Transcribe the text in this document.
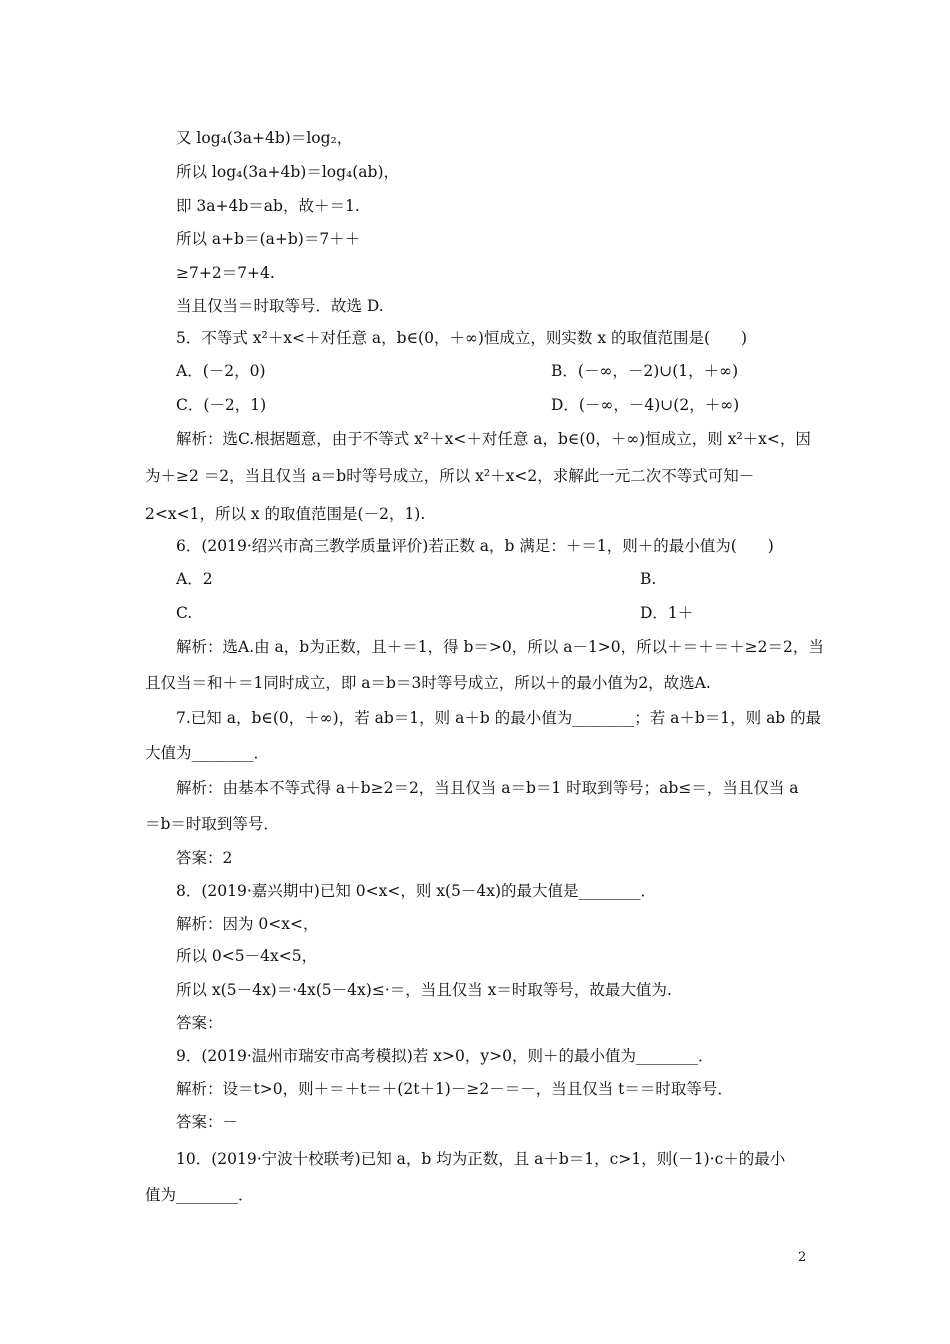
又 log₄(3a+4b)＝log₂，
所以 log₄(3a+4b)＝log₄(ab)，
即 3a+4b＝ab，故＋＝1.
所以 a+b＝(a+b)＝7＋＋
≥7+2＝7+4.
当且仅当＝时取等号．故选 D.
5．不等式 x²＋x<＋对任意 a，b∈(0，＋∞)恒成立，则实数 x 的取值范围是(　　)
A．(－2，0)	B．(－∞，－2)∪(1，＋∞)
C．(－2，1)	D．(－∞，－4)∪(2，＋∞)
解析：选C.根据题意，由于不等式 x²＋x<＋对任意 a，b∈(0，＋∞)恒成立，则 x²＋x<，因
为＋≥2 ＝2，当且仅当 a＝b时等号成立，所以 x²＋x<2，求解此一元二次不等式可知－
2<x<1，所以 x 的取值范围是(－2，1).
6．(2019·绍兴市高三教学质量评价)若正数 a，b 满足：＋＝1，则＋的最小值为(　　)
A．2	B.
C.	D．1＋
解析：选A.由 a，b为正数，且＋＝1，得 b＝>0，所以 a－1>0，所以＋＝＋＝＋≥2＝2，当
且仅当＝和＋＝1同时成立，即 a＝b＝3时等号成立，所以＋的最小值为2，故选A.
7.已知 a，b∈(0，＋∞)，若 ab＝1，则 a＋b 的最小值为________；若 a＋b＝1，则 ab 的最
大值为________．
解析：由基本不等式得 a＋b≥2＝2，当且仅当 a＝b＝1 时取到等号；ab≤＝，当且仅当 a
＝b＝时取到等号．
答案：2
8．(2019·嘉兴期中)已知 0<x<，则 x(5－4x)的最大值是________．
解析：因为 0<x<，
所以 0<5－4x<5，
所以 x(5－4x)＝·4x(5－4x)≤·＝，当且仅当 x＝时取等号，故最大值为.
答案：
9．(2019·温州市瑞安市高考模拟)若 x>0，y>0，则＋的最小值为________．
解析：设＝t>0，则＋＝＋t＝＋(2t＋1)－≥2－＝－，当且仅当 t＝＝时取等号．
答案：－
10．(2019·宁波十校联考)已知 a，b 均为正数，且 a＋b＝1，c>1，则(－1)·c＋的最小
值为________．
2
